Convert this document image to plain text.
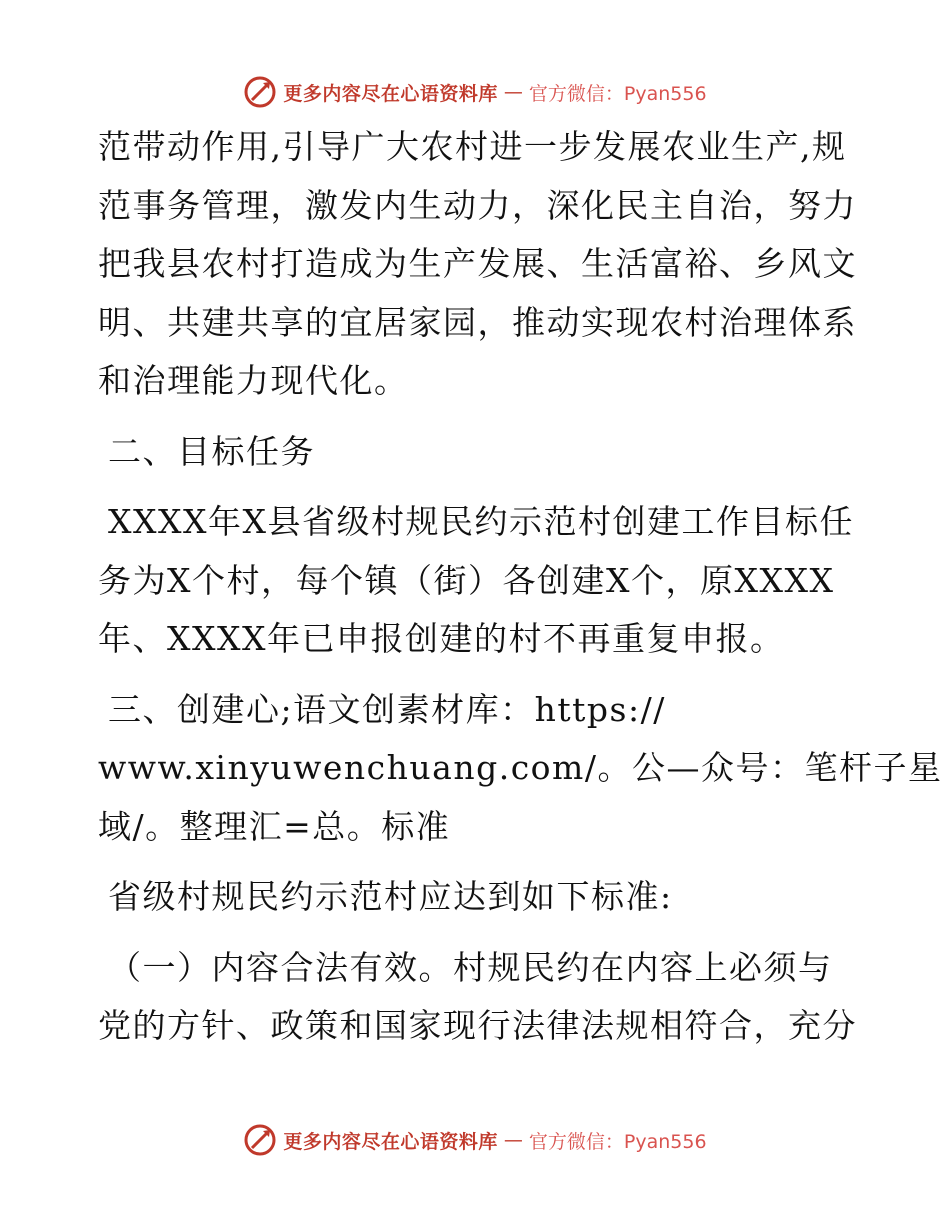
更多内容尽在心语资料库 — 官方微信：Pyan556
范带动作用,引导广大农村进一步发展农业生产,规
范事务管理，激发内生动力，深化民主自治，努力
把我县农村打造成为生产发展、生活富裕、乡风文
明、共建共享的宜居家园，推动实现农村治理体系
和治理能力现代化。
二、目标任务
XXXX年X县省级村规民约示范村创建工作目标任
务为X个村，每个镇（街）各创建X个，原XXXX
年、XXXX年已申报创建的村不再重复申报。
三、创建心;语文创素材库：https://
www.xinyuwenchuang.com/。公—众号：笔杆子星
域/。整理汇=总。标准
省级村规民约示范村应达到如下标准:
（一）内容合法有效。村规民约在内容上必须与
党的方针、政策和国家现行法律法规相符合，充分
更多内容尽在心语资料库 — 官方微信：Pyan556
